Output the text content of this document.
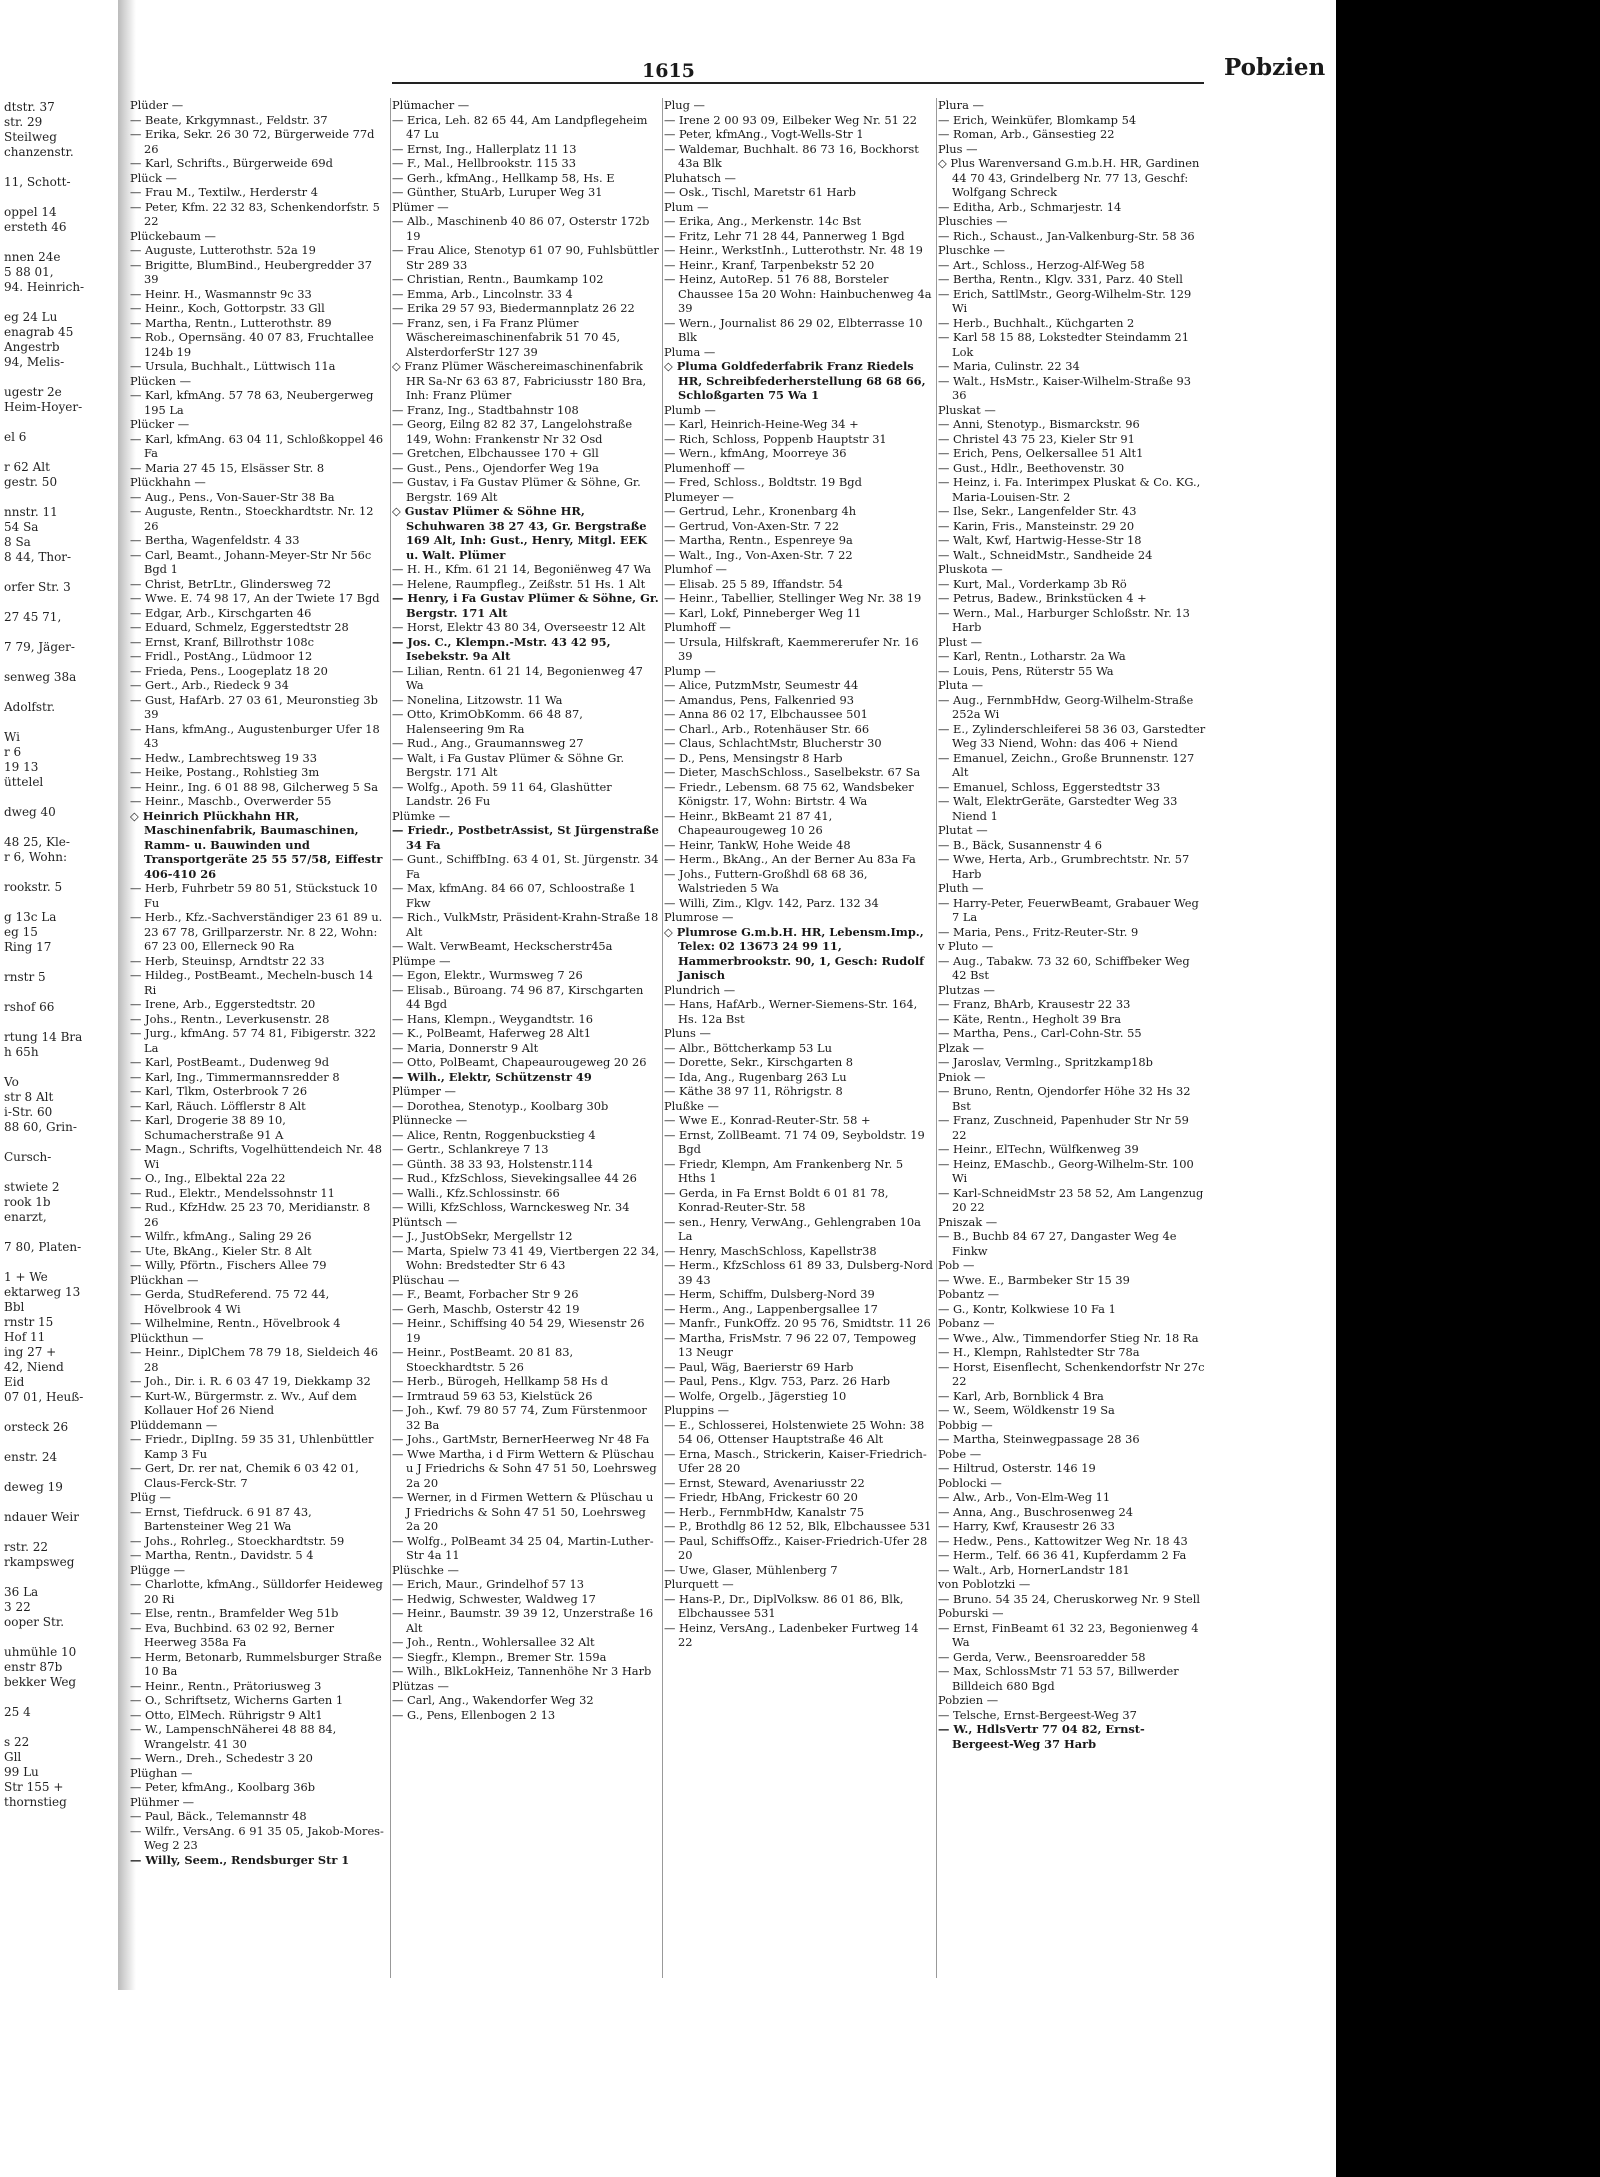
dtstr. 37
str. 29
Steilweg
chanzenstr.
11, Schott-
oppel 14
ersteth 46
nnen 24e
5 88 01,
94. Heinrich-
eg 24 Lu
enagrab 45
Angestrb
94, Melis-
ugestr 2e
Heim-Hoyer-
el 6
r 62 Alt
gestr. 50
nnstr. 11
54 Sa
8 Sa
8 44, Thor-
orfer Str. 3
27 45 71,
7 79, Jäger-
senweg 38a
Adolfstr.
Wi
r 6
19 13
üttelel
dweg 40
48 25, Kle-
r 6, Wohn:
rookstr. 5
g 13c La
eg 15
Ring 17
rnstr 5
rshof 66
rtung 14 Bra
h 65h
Vo
str 8 Alt
i-Str. 60
88 60, Grin-
Cursch-
stwiete 2
rook 1b
enarzt,
7 80, Platen-
1 + We
ektarweg 13
Bbl
rnstr 15
Hof 11
ing 27 +
42, Niend
Eid
07 01, Heuß-
orsteck 26
enstr. 24
deweg 19
ndauer Weir
rstr. 22
rkampsweg
36 La
3 22
ooper Str.
uhmühle 10
enstr 87b
bekker Weg
25 4
s 22
Gll
99 Lu
Str 155 +
thornstieg
1615	Pobzien

Plüder —

— Beate, Krkgymnast., Feldstr. 37

— Erika, Sekr. 26 30 72, Bürgerweide 77d 26

— Karl, Schrifts., Bürgerweide 69d

Plück —

— Frau M., Textilw., Herderstr 4

— Peter, Kfm. 22 32 83, Schenkendorfstr. 5 22

Plückebaum —

— Auguste, Lutterothstr. 52a 19

— Brigitte, BlumBind., Heubergredder 37 39

— Heinr. H., Wasmannstr 9c 33

— Heinr., Koch, Gottorpstr. 33 Gll

— Martha, Rentn., Lutterothstr. 89

— Rob., Opernsäng. 40 07 83, Fruchtallee 124b 19

— Ursula, Buchhalt., Lüttwisch 11a

Plücken —

— Karl, kfmAng. 57 78 63, Neubergerweg 195 La

Plücker —

— Karl, kfmAng. 63 04 11, Schloßkoppel 46 Fa

— Maria 27 45 15, Elsässer Str. 8

Plückhahn —

— Aug., Pens., Von-Sauer-Str 38 Ba

— Auguste, Rentn., Stoeckhardtstr. Nr. 12 26

— Bertha, Wagenfeldstr. 4 33

— Carl, Beamt., Johann-Meyer-Str Nr 56c Bgd 1

— Christ, BetrLtr., Glindersweg 72

— Wwe. E. 74 98 17, An der Twiete 17 Bgd

— Edgar, Arb., Kirschgarten 46

— Eduard, Schmelz, Eggerstedtstr 28

— Ernst, Kranf, Billrothstr 108c

— Fridl., PostAng., Lüdmoor 12

— Frieda, Pens., Loogeplatz 18 20

— Gert., Arb., Riedeck 9 34

— Gust, HafArb. 27 03 61, Meuronstieg 3b 39

— Hans, kfmAng., Augustenburger Ufer 18 43

— Hedw., Lambrechtsweg 19 33

— Heike, Postang., Rohlstieg 3m

— Heinr., Ing. 6 01 88 98, Gilcherweg 5 Sa

— Heinr., Maschb., Overwerder 55

◇ Heinrich Plückhahn HR, Maschinenfabrik, Baumaschinen, Ramm- u. Bauwinden und Transportgeräte 25 55 57/58, Eiffestr 406-410 26

— Herb, Fuhrbetr 59 80 51, Stückstuck 10 Fu

— Herb., Kfz.-Sachverständiger 23 61 89 u. 23 67 78, Grillparzerstr. Nr. 8 22, Wohn: 67 23 00, Ellerneck 90 Ra

— Herb, Steuinsp, Arndtstr 22 33

— Hildeg., PostBeamt., Mecheln-busch 14 Ri

— Irene, Arb., Eggerstedtstr. 20

— Johs., Rentn., Leverkusenstr. 28

— Jurg., kfmAng. 57 74 81, Fibigerstr. 322 La

— Karl, PostBeamt., Dudenweg 9d

— Karl, Ing., Timmermannsredder 8

— Karl, Tlkm, Osterbrook 7 26

— Karl, Räuch. Löfflerstr 8 Alt

— Karl, Drogerie 38 89 10, Schumacherstraße 91 A

— Magn., Schrifts, Vogelhüttendeich Nr. 48 Wi

— O., Ing., Elbektal 22a 22

— Rud., Elektr., Mendelssohnstr 11

— Rud., KfzHdw. 25 23 70, Meridianstr. 8 26

— Wilfr., kfmAng., Saling 29 26

— Ute, BkAng., Kieler Str. 8 Alt

— Willy, Pförtn., Fischers Allee 79

Plückhan —

— Gerda, StudReferend. 75 72 44, Hövelbrook 4 Wi

— Wilhelmine, Rentn., Hövelbrook 4

Plückthun —

— Heinr., DiplChem 78 79 18, Sieldeich 46 28

— Joh., Dir. i. R. 6 03 47 19, Diekkamp 32

— Kurt-W., Bürgermstr. z. Wv., Auf dem Kollauer Hof 26 Niend

Plüddemann —

— Friedr., DiplIng. 59 35 31, Uhlenbüttler Kamp 3 Fu

— Gert, Dr. rer nat, Chemik 6 03 42 01, Claus-Ferck-Str. 7

Plüg —

— Ernst, Tiefdruck. 6 91 87 43, Bartensteiner Weg 21 Wa

— Johs., Rohrleg., Stoeckhardtstr. 59

— Martha, Rentn., Davidstr. 5 4

Plügge —

— Charlotte, kfmAng., Sülldorfer Heideweg 20 Ri

— Else, rentn., Bramfelder Weg 51b

— Eva, Buchbind. 63 02 92, Berner Heerweg 358a Fa

— Herm, Betonarb, Rummelsburger Straße 10 Ba

— Heinr., Rentn., Prätoriusweg 3

— O., Schriftsetz, Wicherns Garten 1

— Otto, ElMech. Rührigstr 9 Alt1

— W., LampenschNäherei 48 88 84, Wrangelstr. 41 30

— Wern., Dreh., Schedestr 3 20

Plüghan —

— Peter, kfmAng., Koolbarg 36b

Plühmer —

— Paul, Bäck., Telemannstr 48

— Wilfr., VersAng. 6 91 35 05, Jakob-Mores-Weg 2 23

— Willy, Seem., Rendsburger Str 1

Plümacher —

— Erica, Leh. 82 65 44, Am Landpflegeheim 47 Lu

— Ernst, Ing., Hallerplatz 11 13

— F., Mal., Hellbrookstr. 115 33

— Gerh., kfmAng., Hellkamp 58, Hs. E

— Günther, StuArb, Luruper Weg 31

Plümer —

— Alb., Maschinenb 40 86 07, Osterstr 172b 19

— Frau Alice, Stenotyp 61 07 90, Fuhlsbüttler Str 289 33

— Christian, Rentn., Baumkamp 102

— Emma, Arb., Lincolnstr. 33 4

— Erika 29 57 93, Biedermannplatz 26 22

— Franz, sen, i Fa Franz Plümer Wäschereimaschinenfabrik 51 70 45, AlsterdorferStr 127 39

◇ Franz Plümer Wäschereimaschinenfabrik HR Sa-Nr 63 63 87, Fabriciusstr 180 Bra, Inh: Franz Plümer

— Franz, Ing., Stadtbahnstr 108

— Georg, Eilng 82 82 37, Langelohstraße 149, Wohn: Frankenstr Nr 32 Osd

— Gretchen, Elbchaussee 170 + Gll

— Gust., Pens., Ojendorfer Weg 19a

— Gustav, i Fa Gustav Plümer & Söhne, Gr. Bergstr. 169 Alt

◇ Gustav Plümer & Söhne HR, Schuhwaren 38 27 43, Gr. Bergstraße 169 Alt, Inh: Gust., Henry, Mitgl. EEK u. Walt. Plümer

— H. H., Kfm. 61 21 14, Begoniënweg 47 Wa

— Helene, Raumpfleg., Zeißstr. 51 Hs. 1 Alt

— Henry, i Fa Gustav Plümer & Söhne, Gr. Bergstr. 171 Alt

— Horst, Elektr 43 80 34, Overseestr 12 Alt

— Jos. C., Klempn.-Mstr. 43 42 95, Isebekstr. 9a Alt

— Lilian, Rentn. 61 21 14, Begonienweg 47 Wa

— Nonelina, Litzowstr. 11 Wa

— Otto, KrimObKomm. 66 48 87, Halenseering 9m Ra

— Rud., Ang., Graumannsweg 27

— Walt, i Fa Gustav Plümer & Söhne Gr. Bergstr. 171 Alt

— Wolfg., Apoth. 59 11 64, Glashütter Landstr. 26 Fu

Plümke —

— Friedr., PostbetrAssist, St Jürgenstraße 34 Fa

— Gunt., SchiffbIng. 63 4 01, St. Jürgenstr. 34 Fa

— Max, kfmAng. 84 66 07, Schloostraße 1 Fkw

— Rich., VulkMstr, Präsident-Krahn-Straße 18 Alt

— Walt. VerwBeamt, Heckscherstr45a

Plümpe —

— Egon, Elektr., Wurmsweg 7 26

— Elisab., Büroang. 74 96 87, Kirschgarten 44 Bgd

— Hans, Klempn., Weygandtstr. 16

— K., PolBeamt, Haferweg 28 Alt1

— Maria, Donnerstr 9 Alt

— Otto, PolBeamt, Chapeaurougeweg 20 26

— Wilh., Elektr, Schützenstr 49

Plümper —

— Dorothea, Stenotyp., Koolbarg 30b

Plünnecke —

— Alice, Rentn, Roggenbuckstieg 4

— Gertr., Schlankreye 7 13

— Günth. 38 33 93, Holstenstr.114

— Rud., KfzSchloss, Sievekingsallee 44 26

— Walli., Kfz.Schlossinstr. 66

— Willi, KfzSchloss, Warnckesweg Nr. 34

Plüntsch —

— J., JustObSekr, Mergellstr 12

— Marta, Spielw 73 41 49, Viertbergen 22 34, Wohn: Bredstedter Str 6 43

Plüschau —

— F., Beamt, Forbacher Str 9 26

— Gerh, Maschb, Osterstr 42 19

— Heinr., Schiffsing 40 54 29, Wiesenstr 26 19

— Heinr., PostBeamt. 20 81 83, Stoeckhardtstr. 5 26

— Herb., Bürogeh, Hellkamp 58 Hs d

— Irmtraud 59 63 53, Kielstück 26

— Joh., Kwf. 79 80 57 74, Zum Fürstenmoor 32 Ba

— Johs., GartMstr, BernerHeerweg Nr 48 Fa

— Wwe Martha, i d Firm Wettern & Plüschau u J Friedrichs & Sohn 47 51 50, Loehrsweg 2a 20

— Werner, in d Firmen Wettern & Plüschau u J Friedrichs & Sohn 47 51 50, Loehrsweg 2a 20

— Wolfg., PolBeamt 34 25 04, Martin-Luther-Str 4a 11

Plüschke —

— Erich, Maur., Grindelhof 57 13

— Hedwig, Schwester, Waldweg 17

— Heinr., Baumstr. 39 39 12, Unzerstraße 16 Alt

— Joh., Rentn., Wohlersallee 32 Alt

— Siegfr., Klempn., Bremer Str. 159a

— Wilh., BlkLokHeiz, Tannenhöhe Nr 3 Harb

Plützas —

— Carl, Ang., Wakendorfer Weg 32

— G., Pens, Ellenbogen 2 13

Plug —

— Irene 2 00 93 09, Eilbeker Weg Nr. 51 22

— Peter, kfmAng., Vogt-Wells-Str 1

— Waldemar, Buchhalt. 86 73 16, Bockhorst 43a Blk

Pluhatsch —

— Osk., Tischl, Maretstr 61 Harb

Plum —

— Erika, Ang., Merkenstr. 14c Bst

— Fritz, Lehr 71 28 44, Pannerweg 1 Bgd

— Heinr., WerkstInh., Lutterothstr. Nr. 48 19

— Heinr., Kranf, Tarpenbekstr 52 20

— Heinz, AutoRep. 51 76 88, Borsteler Chaussee 15a 20 Wohn: Hainbuchenweg 4a 39

— Wern., Journalist 86 29 02, Elbterrasse 10 Blk

Pluma —

◇ Pluma Goldfederfabrik Franz Riedels HR, Schreibfederherstellung 68 68 66, Schloßgarten 75 Wa 1

Plumb —

— Karl, Heinrich-Heine-Weg 34 +

— Rich, Schloss, Poppenb Hauptstr 31

— Wern., kfmAng, Moorreye 36

Plumenhoff —

— Fred, Schloss., Boldtstr. 19 Bgd

Plumeyer —

— Gertrud, Lehr., Kronenbarg 4h

— Gertrud, Von-Axen-Str. 7 22

— Martha, Rentn., Espenreye 9a

— Walt., Ing., Von-Axen-Str. 7 22

Plumhof —

— Elisab. 25 5 89, Iffandstr. 54

— Heinr., Tabellier, Stellinger Weg Nr. 38 19

— Karl, Lokf, Pinneberger Weg 11

Plumhoff —

— Ursula, Hilfskraft, Kaemmererufer Nr. 16 39

Plump —

— Alice, PutzmMstr, Seumestr 44

— Amandus, Pens, Falkenried 93

— Anna 86 02 17, Elbchaussee 501

— Charl., Arb., Rotenhäuser Str. 66

— Claus, SchlachtMstr, Blucherstr 30

— D., Pens, Mensingstr 8 Harb

— Dieter, MaschSchloss., Saselbekstr. 67 Sa

— Friedr., Lebensm. 68 75 62, Wandsbeker Königstr. 17, Wohn: Birtstr. 4 Wa

— Heinr., BkBeamt 21 87 41, Chapeaurougeweg 10 26

— Heinr, TankW, Hohe Weide 48

— Herm., BkAng., An der Berner Au 83a Fa

— Johs., Futtern-Großhdl 68 68 36, Walstrieden 5 Wa

— Willi, Zim., Klgv. 142, Parz. 132 34

Plumrose —

◇ Plumrose G.m.b.H. HR, Lebensm.Imp., Telex: 02 13673 24 99 11, Hammerbrookstr. 90, 1, Gesch: Rudolf Janisch

Plundrich —

— Hans, HafArb., Werner-Siemens-Str. 164, Hs. 12a Bst

Pluns —

— Albr., Böttcherkamp 53 Lu

— Dorette, Sekr., Kirschgarten 8

— Ida, Ang., Rugenbarg 263 Lu

— Käthe 38 97 11, Röhrigstr. 8

Plußke —

— Wwe E., Konrad-Reuter-Str. 58 +

— Ernst, ZollBeamt. 71 74 09, Seyboldstr. 19 Bgd

— Friedr, Klempn, Am Frankenberg Nr. 5 Hths 1

— Gerda, in Fa Ernst Boldt 6 01 81 78, Konrad-Reuter-Str. 58

— sen., Henry, VerwAng., Gehlengraben 10a La

— Henry, MaschSchloss, Kapellstr38

— Herm., KfzSchloss 61 89 33, Dulsberg-Nord 39 43

— Herm, Schiffm, Dulsberg-Nord 39

— Herm., Ang., Lappenbergsallee 17

— Manfr., FunkOffz. 20 95 76, Smidtstr. 11 26

— Martha, FrisMstr. 7 96 22 07, Tempoweg 13 Neugr

— Paul, Wäg, Baerierstr 69 Harb

— Paul, Pens., Klgv. 753, Parz. 26 Harb

— Wolfe, Orgelb., Jägerstieg 10

Pluppins —

— E., Schlosserei, Holstenwiete 25 Wohn: 38 54 06, Ottenser Hauptstraße 46 Alt

— Erna, Masch., Strickerin, Kaiser-Friedrich-Ufer 28 20

— Ernst, Steward, Avenariusstr 22

— Friedr, HbAng, Frickestr 60 20

— Herb., FernmbHdw, Kanalstr 75

— P., Brothdlg 86 12 52, Blk, Elbchaussee 531

— Paul, SchiffsOffz., Kaiser-Friedrich-Ufer 28 20

— Uwe, Glaser, Mühlenberg 7

Plurquett —

— Hans-P., Dr., DiplVolksw. 86 01 86, Blk, Elbchaussee 531

— Heinz, VersAng., Ladenbeker Furtweg 14 22

Plura —

— Erich, Weinküfer, Blomkamp 54

— Roman, Arb., Gänsestieg 22

Plus —

◇ Plus Warenversand G.m.b.H. HR, Gardinen 44 70 43, Grindelberg Nr. 77 13, Geschf: Wolfgang Schreck

— Editha, Arb., Schmarjestr. 14

Pluschies —

— Rich., Schaust., Jan-Valkenburg-Str. 58 36

Pluschke —

— Art., Schloss., Herzog-Alf-Weg 58

— Bertha, Rentn., Klgv. 331, Parz. 40 Stell

— Erich, SattlMstr., Georg-Wilhelm-Str. 129 Wi

— Herb., Buchhalt., Küchgarten 2

— Karl 58 15 88, Lokstedter Steindamm 21 Lok

— Maria, Culinstr. 22 34

— Walt., HsMstr., Kaiser-Wilhelm-Straße 93 36

Pluskat —

— Anni, Stenotyp., Bismarckstr. 96

— Christel 43 75 23, Kieler Str 91

— Erich, Pens, Oelkersallee 51 Alt1

— Gust., Hdlr., Beethovenstr. 30

— Heinz, i. Fa. Interimpex Pluskat & Co. KG., Maria-Louisen-Str. 2

— Ilse, Sekr., Langenfelder Str. 43

— Karin, Fris., Mansteinstr. 29 20

— Walt, Kwf, Hartwig-Hesse-Str 18

— Walt., SchneidMstr., Sandheide 24

Pluskota —

— Kurt, Mal., Vorderkamp 3b Rö

— Petrus, Badew., Brinkstücken 4 +

— Wern., Mal., Harburger Schloßstr. Nr. 13 Harb

Plust —

— Karl, Rentn., Lotharstr. 2a Wa

— Louis, Pens, Rüterstr 55 Wa

Pluta —

— Aug., FernmbHdw, Georg-Wilhelm-Straße 252a Wi

— E., Zylinderschleiferei 58 36 03, Garstedter Weg 33 Niend, Wohn: das 406 + Niend

— Emanuel, Zeichn., Große Brunnenstr. 127 Alt

— Emanuel, Schloss, Eggerstedtstr 33

— Walt, ElektrGeräte, Garstedter Weg 33 Niend 1

Plutat —

— B., Bäck, Susannenstr 4 6

— Wwe, Herta, Arb., Grumbrechtstr. Nr. 57 Harb

Pluth —

— Harry-Peter, FeuerwBeamt, Grabauer Weg 7 La

— Maria, Pens., Fritz-Reuter-Str. 9

v Pluto —

— Aug., Tabakw. 73 32 60, Schiffbeker Weg 42 Bst

Plutzas —

— Franz, BhArb, Krausestr 22 33

— Käte, Rentn., Hegholt 39 Bra

— Martha, Pens., Carl-Cohn-Str. 55

Plzak —

— Jaroslav, Vermlng., Spritzkamp18b

Pniok —

— Bruno, Rentn, Ojendorfer Höhe 32 Hs 32 Bst

— Franz, Zuschneid, Papenhuder Str Nr 59 22

— Heinr., ElTechn, Wülfkenweg 39

— Heinz, EMaschb., Georg-Wilhelm-Str. 100 Wi

— Karl-SchneidMstr 23 58 52, Am Langenzug 20 22

Pniszak —

— B., Buchb 84 67 27, Dangaster Weg 4e Finkw

Pob —

— Wwe. E., Barmbeker Str 15 39

Pobantz —

— G., Kontr, Kolkwiese 10 Fa 1

Pobanz —

— Wwe., Alw., Timmendorfer Stieg Nr. 18 Ra

— H., Klempn, Rahlstedter Str 78a

— Horst, Eisenflecht, Schenkendorfstr Nr 27c 22

— Karl, Arb, Bornblick 4 Bra

— W., Seem, Wöldkenstr 19 Sa

Pobbig —

— Martha, Steinwegpassage 28 36

Pobe —

— Hiltrud, Osterstr. 146 19

Poblocki —

— Alw., Arb., Von-Elm-Weg 11

— Anna, Ang., Buschrosenweg 24

— Harry, Kwf, Krausestr 26 33

— Hedw., Pens., Kattowitzer Weg Nr. 18 43

— Herm., Telf. 66 36 41, Kupferdamm 2 Fa

— Walt., Arb, HornerLandstr 181

von Poblotzki —

— Bruno. 54 35 24, Cheruskorweg Nr. 9 Stell

Poburski —

— Ernst, FinBeamt 61 32 23, Begonienweg 4 Wa

— Gerda, Verw., Beensroaredder 58

— Max, SchlossMstr 71 53 57, Billwerder Billdeich 680 Bgd

Pobzien —

— Telsche, Ernst-Bergeest-Weg 37

— W., HdlsVertr 77 04 82, Ernst-Bergeest-Weg 37 Harb
